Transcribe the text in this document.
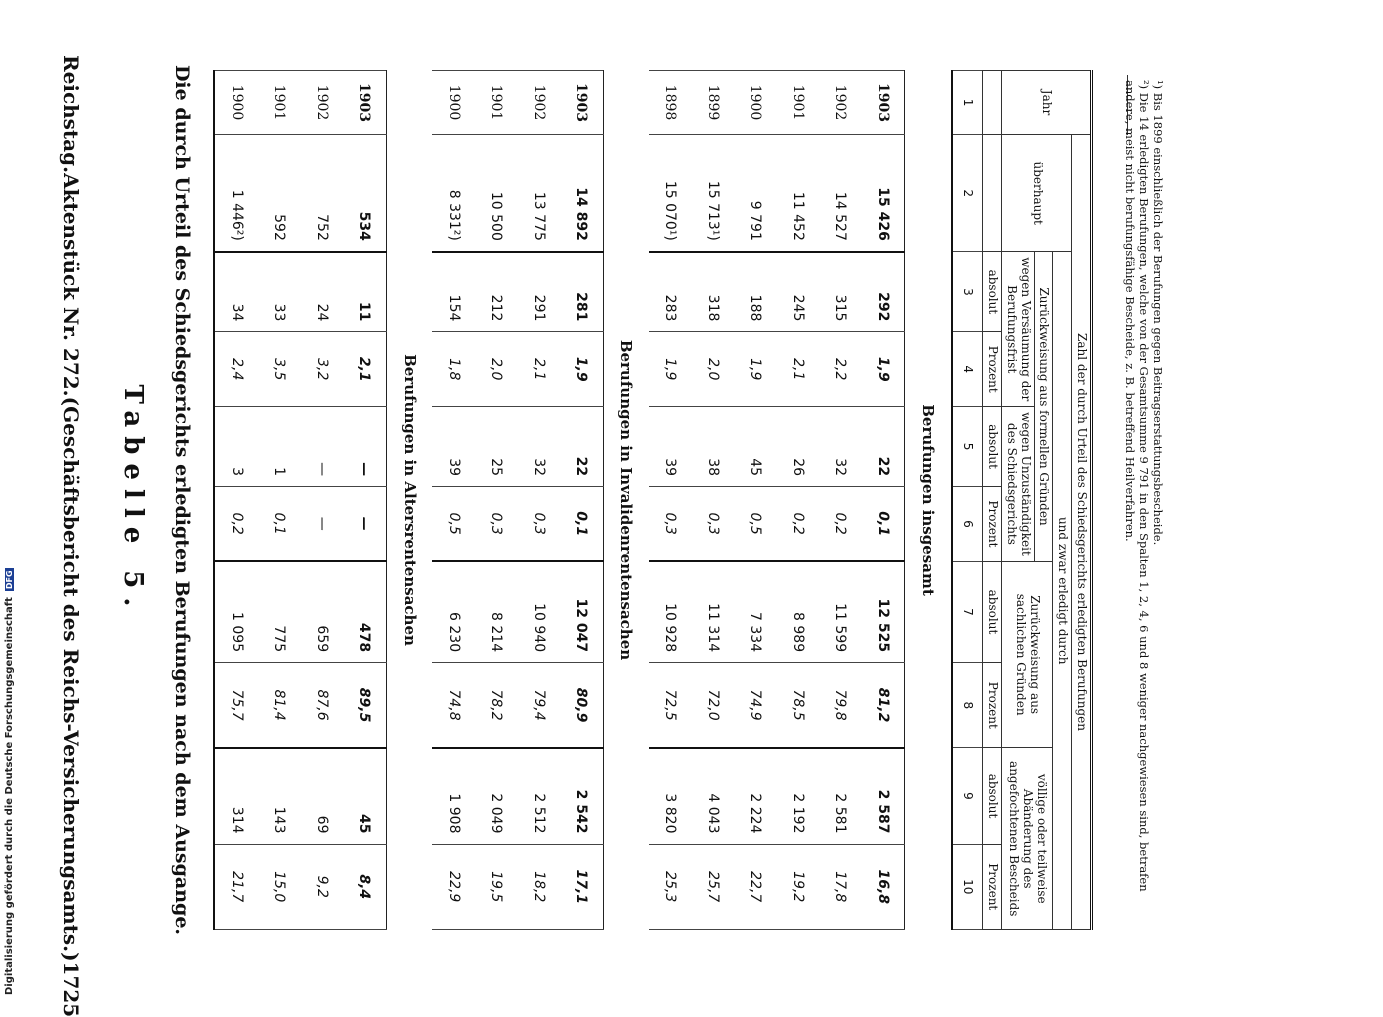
Reichstag.
Aktenstück Nr. 272.
(Geschäftsbericht des Reichs-Versicherungsamts.)
1725
Tabelle 5. Die durch Urteil des Schiedsgerichts erledigten Berufungen nach dem Ausgange.	Jahr	Zahl der durch Urteil des Schiedsgerichts erledigten Berufungen								
	überhaupt	und zwar erledigt durch							
		Zurückweisung aus formellen Gründen				Zurückweisung aus sachlichen Gründen		völlige oder teilweise Abänderung des angefochtenen Bescheids	
		wegen Versäumung der Berufungsfrist		wegen Unzuständigkeit des Schiedsgerichts					
		absolut	Prozent	absolut	Prozent	absolut	Prozent	absolut	Prozent
1	2	3	4	5	6	7	8	9	10
Berufungen insgesamt									
1903	15 426	292	1,9	22	0,1	12 525	81,2	2 587	16,8
1902	14 527	315	2,2	32	0,2	11 599	79,8	2 581	17,8
1901	11 452	245	2,1	26	0,2	8 989	78,5	2 192	19,2
1900	9 791	188	1,9	45	0,5	7 334	74,9	2 224	22,7
1899	15 713¹)	318	2,0	38	0,3	11 314	72,0	4 043	25,7
1898	15 070¹)	283	1,9	39	0,3	10 928	72,5	3 820	25,3
Berufungen in Invalidenrentensachen									
1903	14 892	281	1,9	22	0,1	12 047	80,9	2 542	17,1
1902	13 775	291	2,1	32	0,3	10 940	79,4	2 512	18,2
1901	10 500	212	2,0	25	0,3	8 214	78,2	2 049	19,5
1900	8 331²)	154	1,8	39	0,5	6 230	74,8	1 908	22,9
Berufungen in Altersrentensachen									
1903	534	11	2,1	—	—	478	89,5	45	8,4
1902	752	24	3,2	—	—	659	87,6	69	9,2
1901	592	33	3,5	1	0,1	775	81,4	143	15,0
1900	1 446²)	34	2,4	3	0,2	1 095	75,7	314	21,7
¹) Bis 1899 einschließlich der Berufungen gegen Beitragserstattungsbescheide.
²) Die 14 erledigten Berufungen, welche von der Gesamtsumme 9 791 in den Spalten 1, 2, 4, 6 und 8 weniger nachgewiesen sind, betrafen andere, meist nicht berufungsfähige Bescheide, z. B. betreffend Heilverfahren.
Digitalisierung gefördert durch die Deutsche Forschungsgemeinschaft
DFG
